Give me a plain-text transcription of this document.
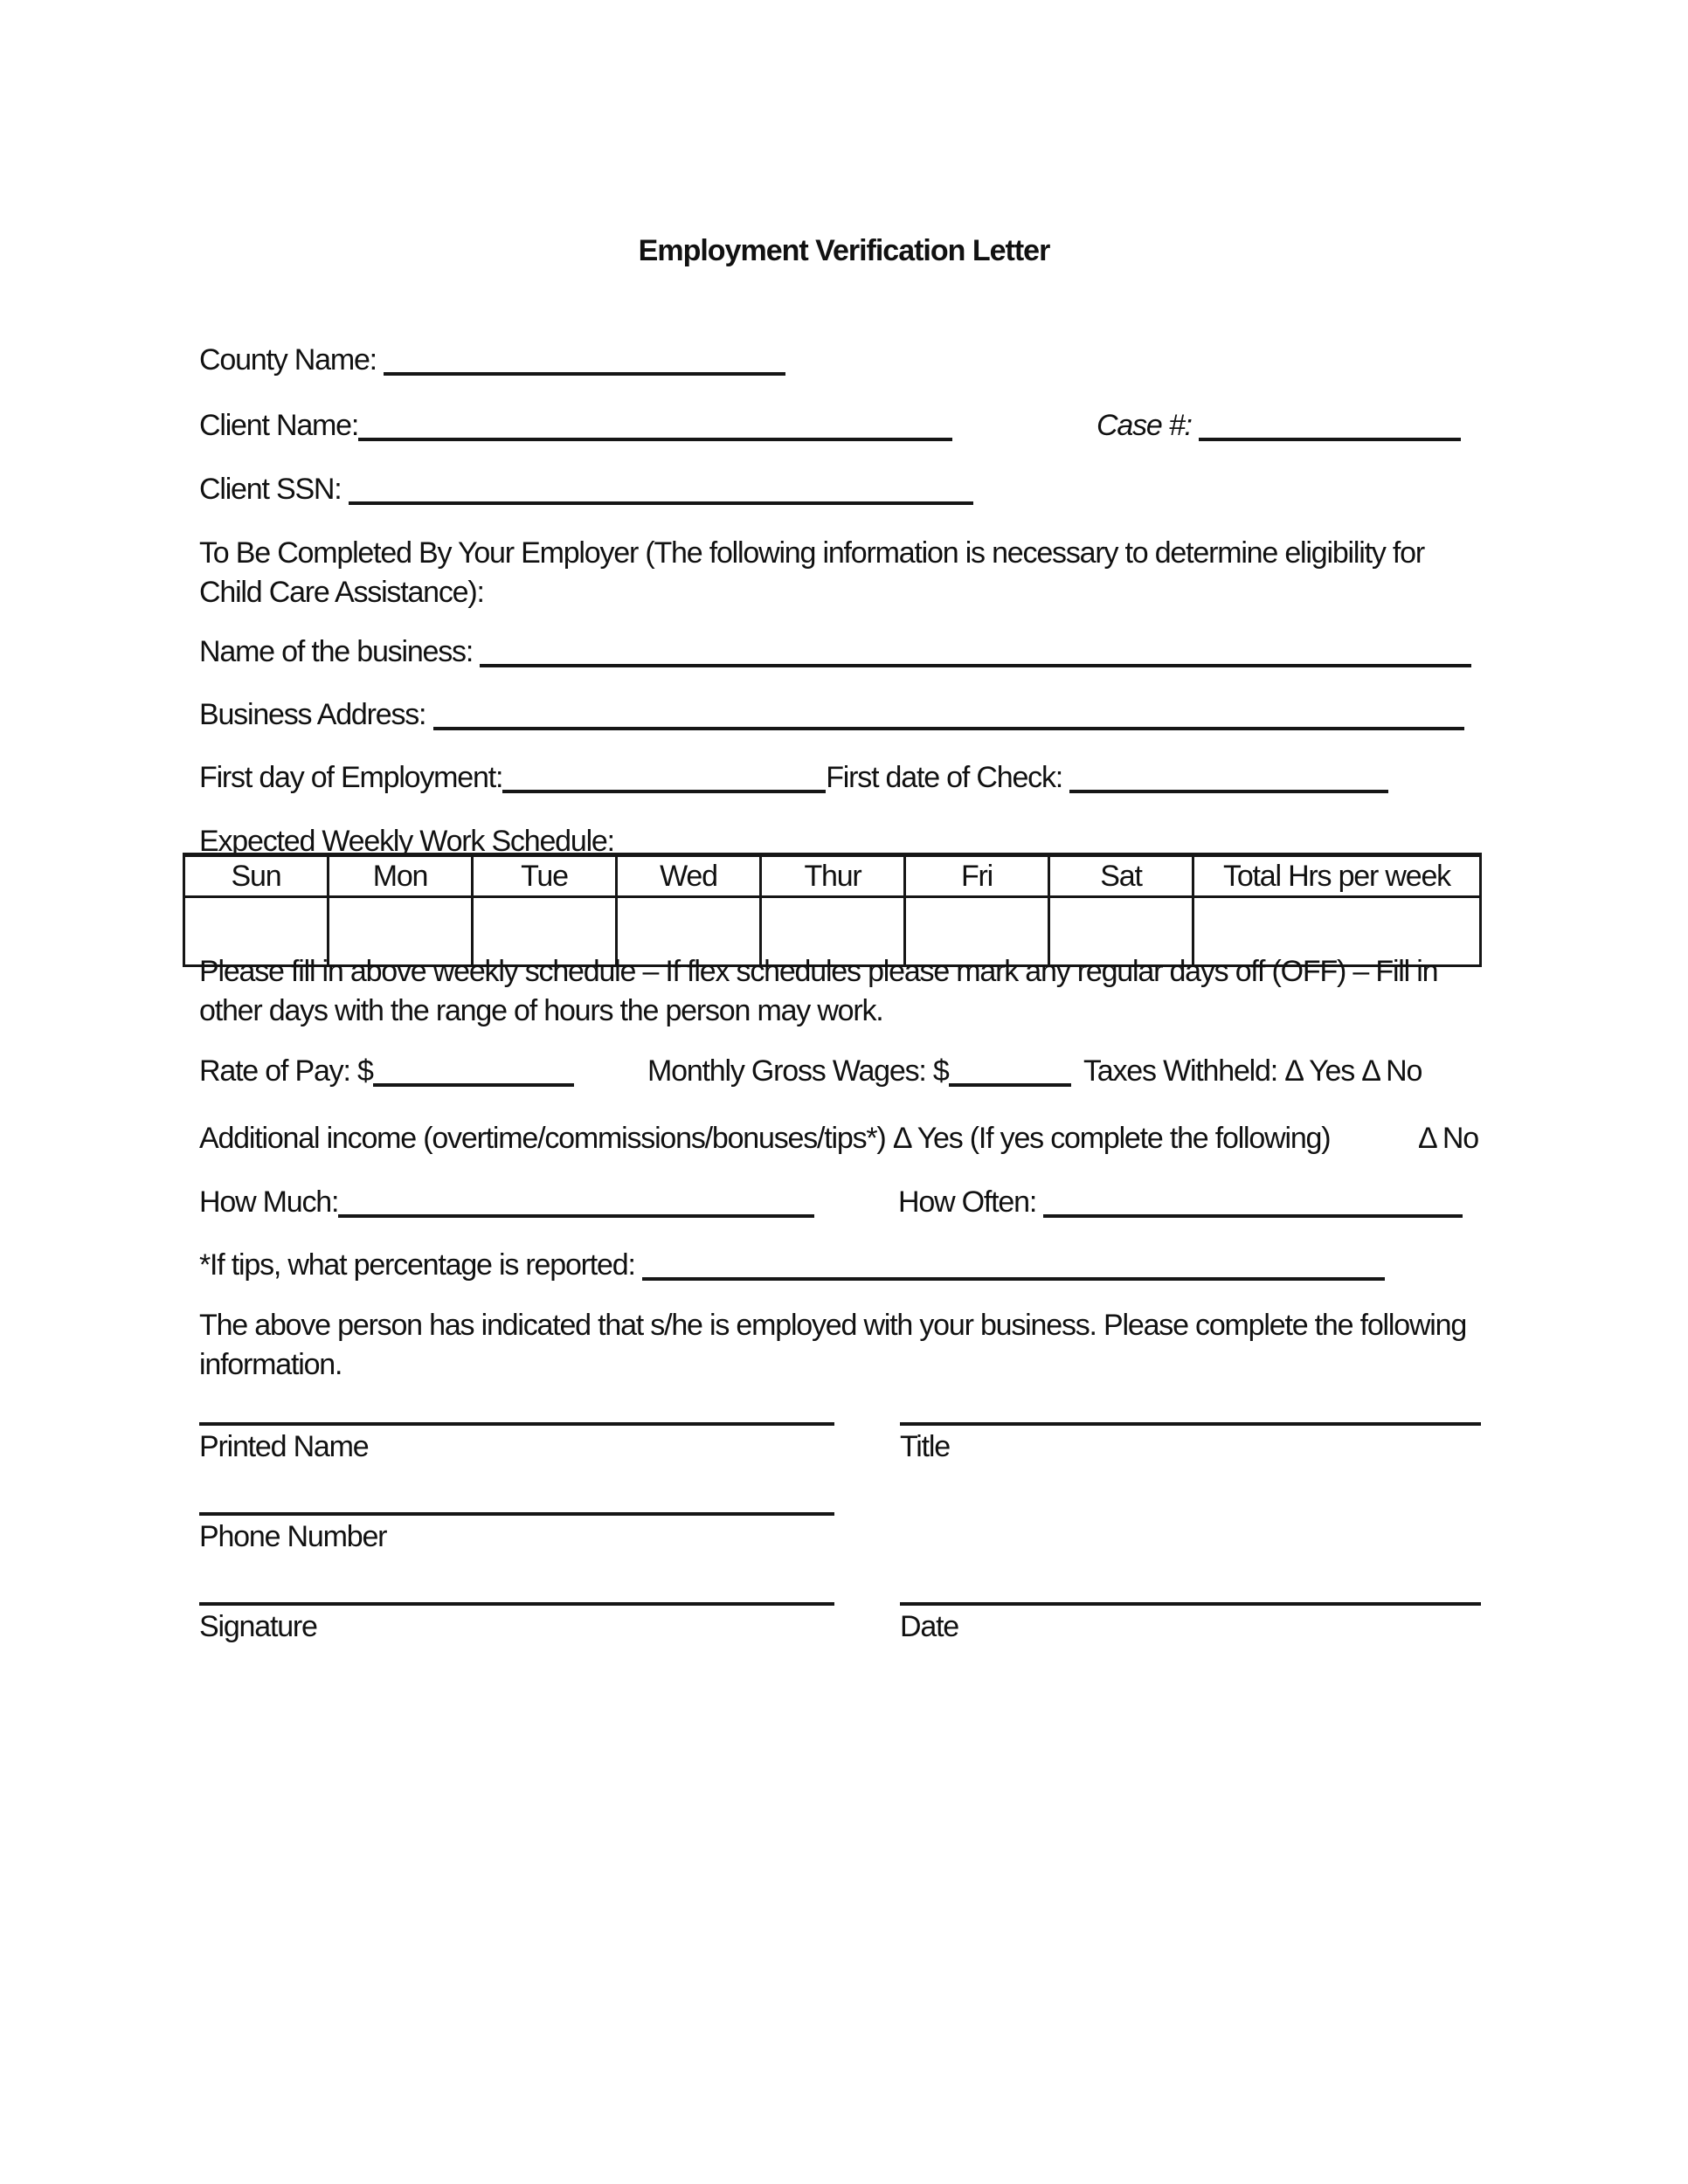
Employment Verification Letter
County Name:
Client Name:	Case #:
Client SSN:
To Be Completed By Your Employer (The following information is necessary to determine eligibility for
Child Care Assistance):
Name of the business:
Business Address:
First day of Employment:	First date of Check:
Expected Weekly Work Schedule:
Sun	Mon	Tue	Wed	Thur	Fri	Sat	Total Hrs per week

Please fill in above weekly schedule – If flex schedules please mark any regular days off (OFF) – Fill in
other days with the range of hours the person may work.
Rate of Pay: $	Monthly Gross Wages: $	Taxes Withheld: Δ Yes Δ No
Additional income (overtime/commissions/bonuses/tips*) Δ Yes (If yes complete the following)	Δ No
How Much:	How Often:
*If tips, what percentage is reported:
The above person has indicated that s/he is employed with your business. Please complete the following
information.
Printed Name	Title
Phone Number
Signature	Date
